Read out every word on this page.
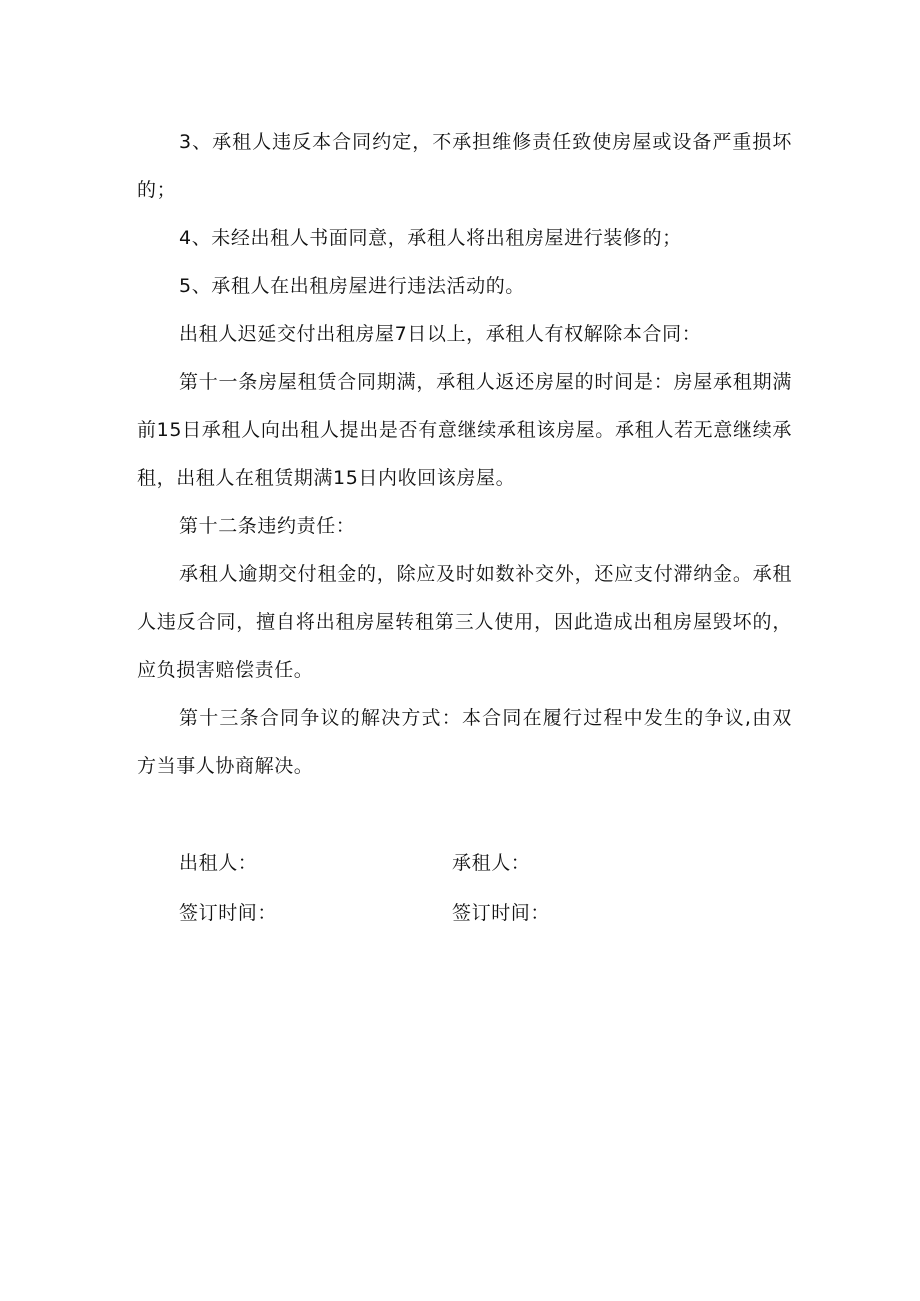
3、承租人违反本合同约定，不承担维修责任致使房屋或设备严重损坏的；

4、未经出租人书面同意，承租人将出租房屋进行装修的；

5、承租人在出租房屋进行违法活动的。

出租人迟延交付出租房屋7日以上，承租人有权解除本合同：

第十一条房屋租赁合同期满，承租人返还房屋的时间是：房屋承租期满前15日承租人向出租人提出是否有意继续承租该房屋。承租人若无意继续承租，出租人在租赁期满15日内收回该房屋。

第十二条违约责任：

承租人逾期交付租金的，除应及时如数补交外，还应支付滞纳金。承租人违反合同，擅自将出租房屋转租第三人使用，因此造成出租房屋毁坏的，应负损害赔偿责任。

第十三条合同争议的解决方式：本合同在履行过程中发生的争议,由双方当事人协商解决。

出租人：	承租人：
签订时间：	签订时间：
